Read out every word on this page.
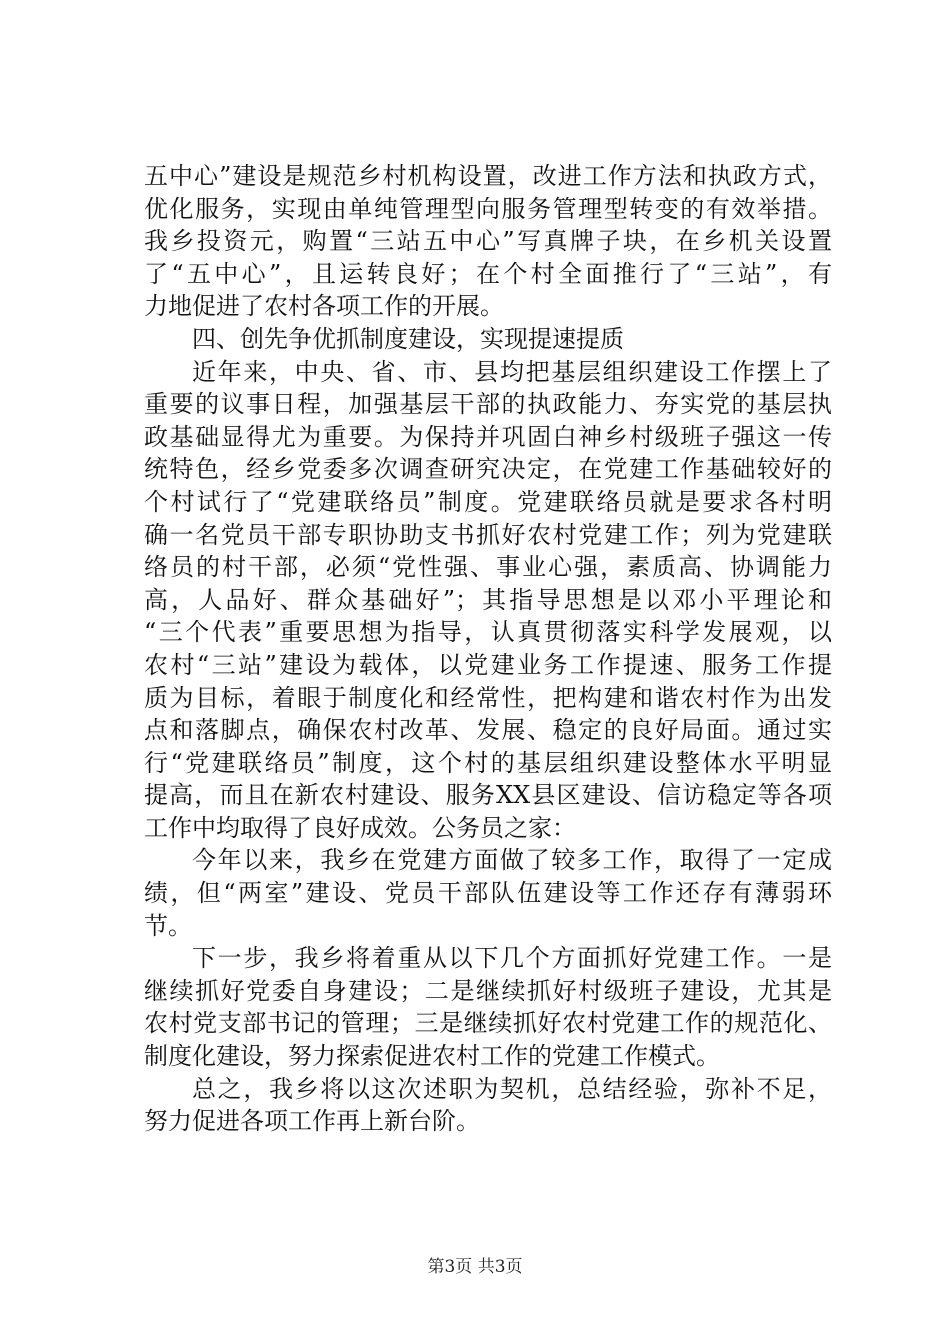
五中心”建设是规范乡村机构设置，改进工作方法和执政方式，
优化服务，实现由单纯管理型向服务管理型转变的有效举措。
我乡投资元，购置“三站五中心”写真牌子块，在乡机关设置
了“五中心”，且运转良好；在个村全面推行了“三站”，有
力地促进了农村各项工作的开展。
四、创先争优抓制度建设，实现提速提质
近年来，中央、省、市、县均把基层组织建设工作摆上了
重要的议事日程，加强基层干部的执政能力、夯实党的基层执
政基础显得尤为重要。为保持并巩固白神乡村级班子强这一传
统特色，经乡党委多次调查研究决定，在党建工作基础较好的
个村试行了“党建联络员”制度。党建联络员就是要求各村明
确一名党员干部专职协助支书抓好农村党建工作；列为党建联
络员的村干部，必须“党性强、事业心强，素质高、协调能力
高，人品好、群众基础好”；其指导思想是以邓小平理论和
“三个代表”重要思想为指导，认真贯彻落实科学发展观，以
农村“三站”建设为载体，以党建业务工作提速、服务工作提
质为目标，着眼于制度化和经常性，把构建和谐农村作为出发
点和落脚点，确保农村改革、发展、稳定的良好局面。通过实
行“党建联络员”制度，这个村的基层组织建设整体水平明显
提高，而且在新农村建设、服务XX县区建设、信访稳定等各项
工作中均取得了良好成效。公务员之家：
今年以来，我乡在党建方面做了较多工作，取得了一定成
绩，但“两室”建设、党员干部队伍建设等工作还存有薄弱环
节。
下一步，我乡将着重从以下几个方面抓好党建工作。一是
继续抓好党委自身建设；二是继续抓好村级班子建设，尤其是
农村党支部书记的管理；三是继续抓好农村党建工作的规范化、
制度化建设，努力探索促进农村工作的党建工作模式。
总之，我乡将以这次述职为契机，总结经验，弥补不足，
努力促进各项工作再上新台阶。
第3页 共3页
